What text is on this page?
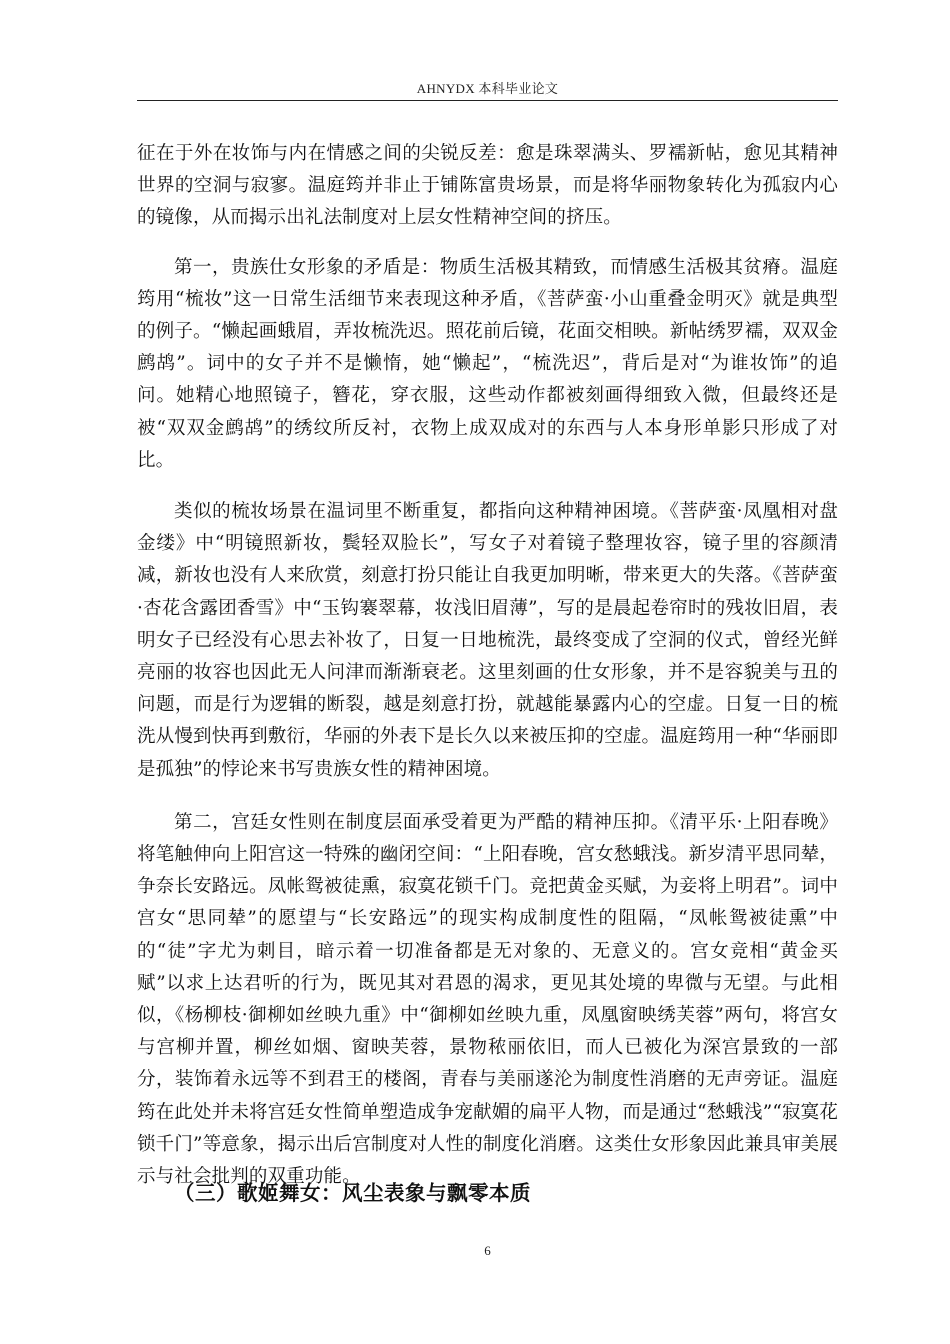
AHNYDX 本科毕业论文

征在于外在妆饰与内在情感之间的尖锐反差：愈是珠翠满头、罗襦新帖，愈见其精神世界的空洞与寂寥。温庭筠并非止于铺陈富贵场景，而是将华丽物象转化为孤寂内心的镜像，从而揭示出礼法制度对上层女性精神空间的挤压。

第一，贵族仕女形象的矛盾是：物质生活极其精致，而情感生活极其贫瘠。温庭筠用“梳妆”这一日常生活细节来表现这种矛盾，《菩萨蛮·小山重叠金明灭》就是典型的例子。“懒起画蛾眉，弄妆梳洗迟。照花前后镜，花面交相映。新帖绣罗襦，双双金鹧鸪”。词中的女子并不是懒惰，她“懒起”，“梳洗迟”，背后是对“为谁妆饰”的追问。她精心地照镜子，簪花，穿衣服，这些动作都被刻画得细致入微，但最终还是被“双双金鹧鸪”的绣纹所反衬，衣物上成双成对的东西与人本身形单影只形成了对比。

类似的梳妆场景在温词里不断重复，都指向这种精神困境。《菩萨蛮·凤凰相对盘金缕》中“明镜照新妆，鬓轻双脸长”，写女子对着镜子整理妆容，镜子里的容颜清减，新妆也没有人来欣赏，刻意打扮只能让自我更加明晰，带来更大的失落。《菩萨蛮·杏花含露团香雪》中“玉钩褰翠幕，妆浅旧眉薄”，写的是晨起卷帘时的残妆旧眉，表明女子已经没有心思去补妆了，日复一日地梳洗，最终变成了空洞的仪式，曾经光鲜亮丽的妆容也因此无人问津而渐渐衰老。这里刻画的仕女形象，并不是容貌美与丑的问题，而是行为逻辑的断裂，越是刻意打扮，就越能暴露内心的空虚。日复一日的梳洗从慢到快再到敷衍，华丽的外表下是长久以来被压抑的空虚。温庭筠用一种“华丽即是孤独”的悖论来书写贵族女性的精神困境。

第二，宫廷女性则在制度层面承受着更为严酷的精神压抑。《清平乐·上阳春晚》将笔触伸向上阳宫这一特殊的幽闭空间：“上阳春晚，宫女愁蛾浅。新岁清平思同辇，争奈长安路远。凤帐鸳被徒熏，寂寞花锁千门。竞把黄金买赋，为妾将上明君”。词中宫女“思同辇”的愿望与“长安路远”的现实构成制度性的阻隔，“凤帐鸳被徒熏”中的“徒”字尤为刺目，暗示着一切准备都是无对象的、无意义的。宫女竞相“黄金买赋”以求上达君听的行为，既见其对君恩的渴求，更见其处境的卑微与无望。与此相似，《杨柳枝·御柳如丝映九重》中“御柳如丝映九重，凤凰窗映绣芙蓉”两句，将宫女与宫柳并置，柳丝如烟、窗映芙蓉，景物秾丽依旧，而人已被化为深宫景致的一部分，装饰着永远等不到君王的楼阁，青春与美丽遂沦为制度性消磨的无声旁证。温庭筠在此处并未将宫廷女性简单塑造成争宠献媚的扁平人物，而是通过“愁蛾浅”“寂寞花锁千门”等意象，揭示出后宫制度对人性的制度化消磨。这类仕女形象因此兼具审美展示与社会批判的双重功能。

（三）歌姬舞女：风尘表象与飘零本质
6
